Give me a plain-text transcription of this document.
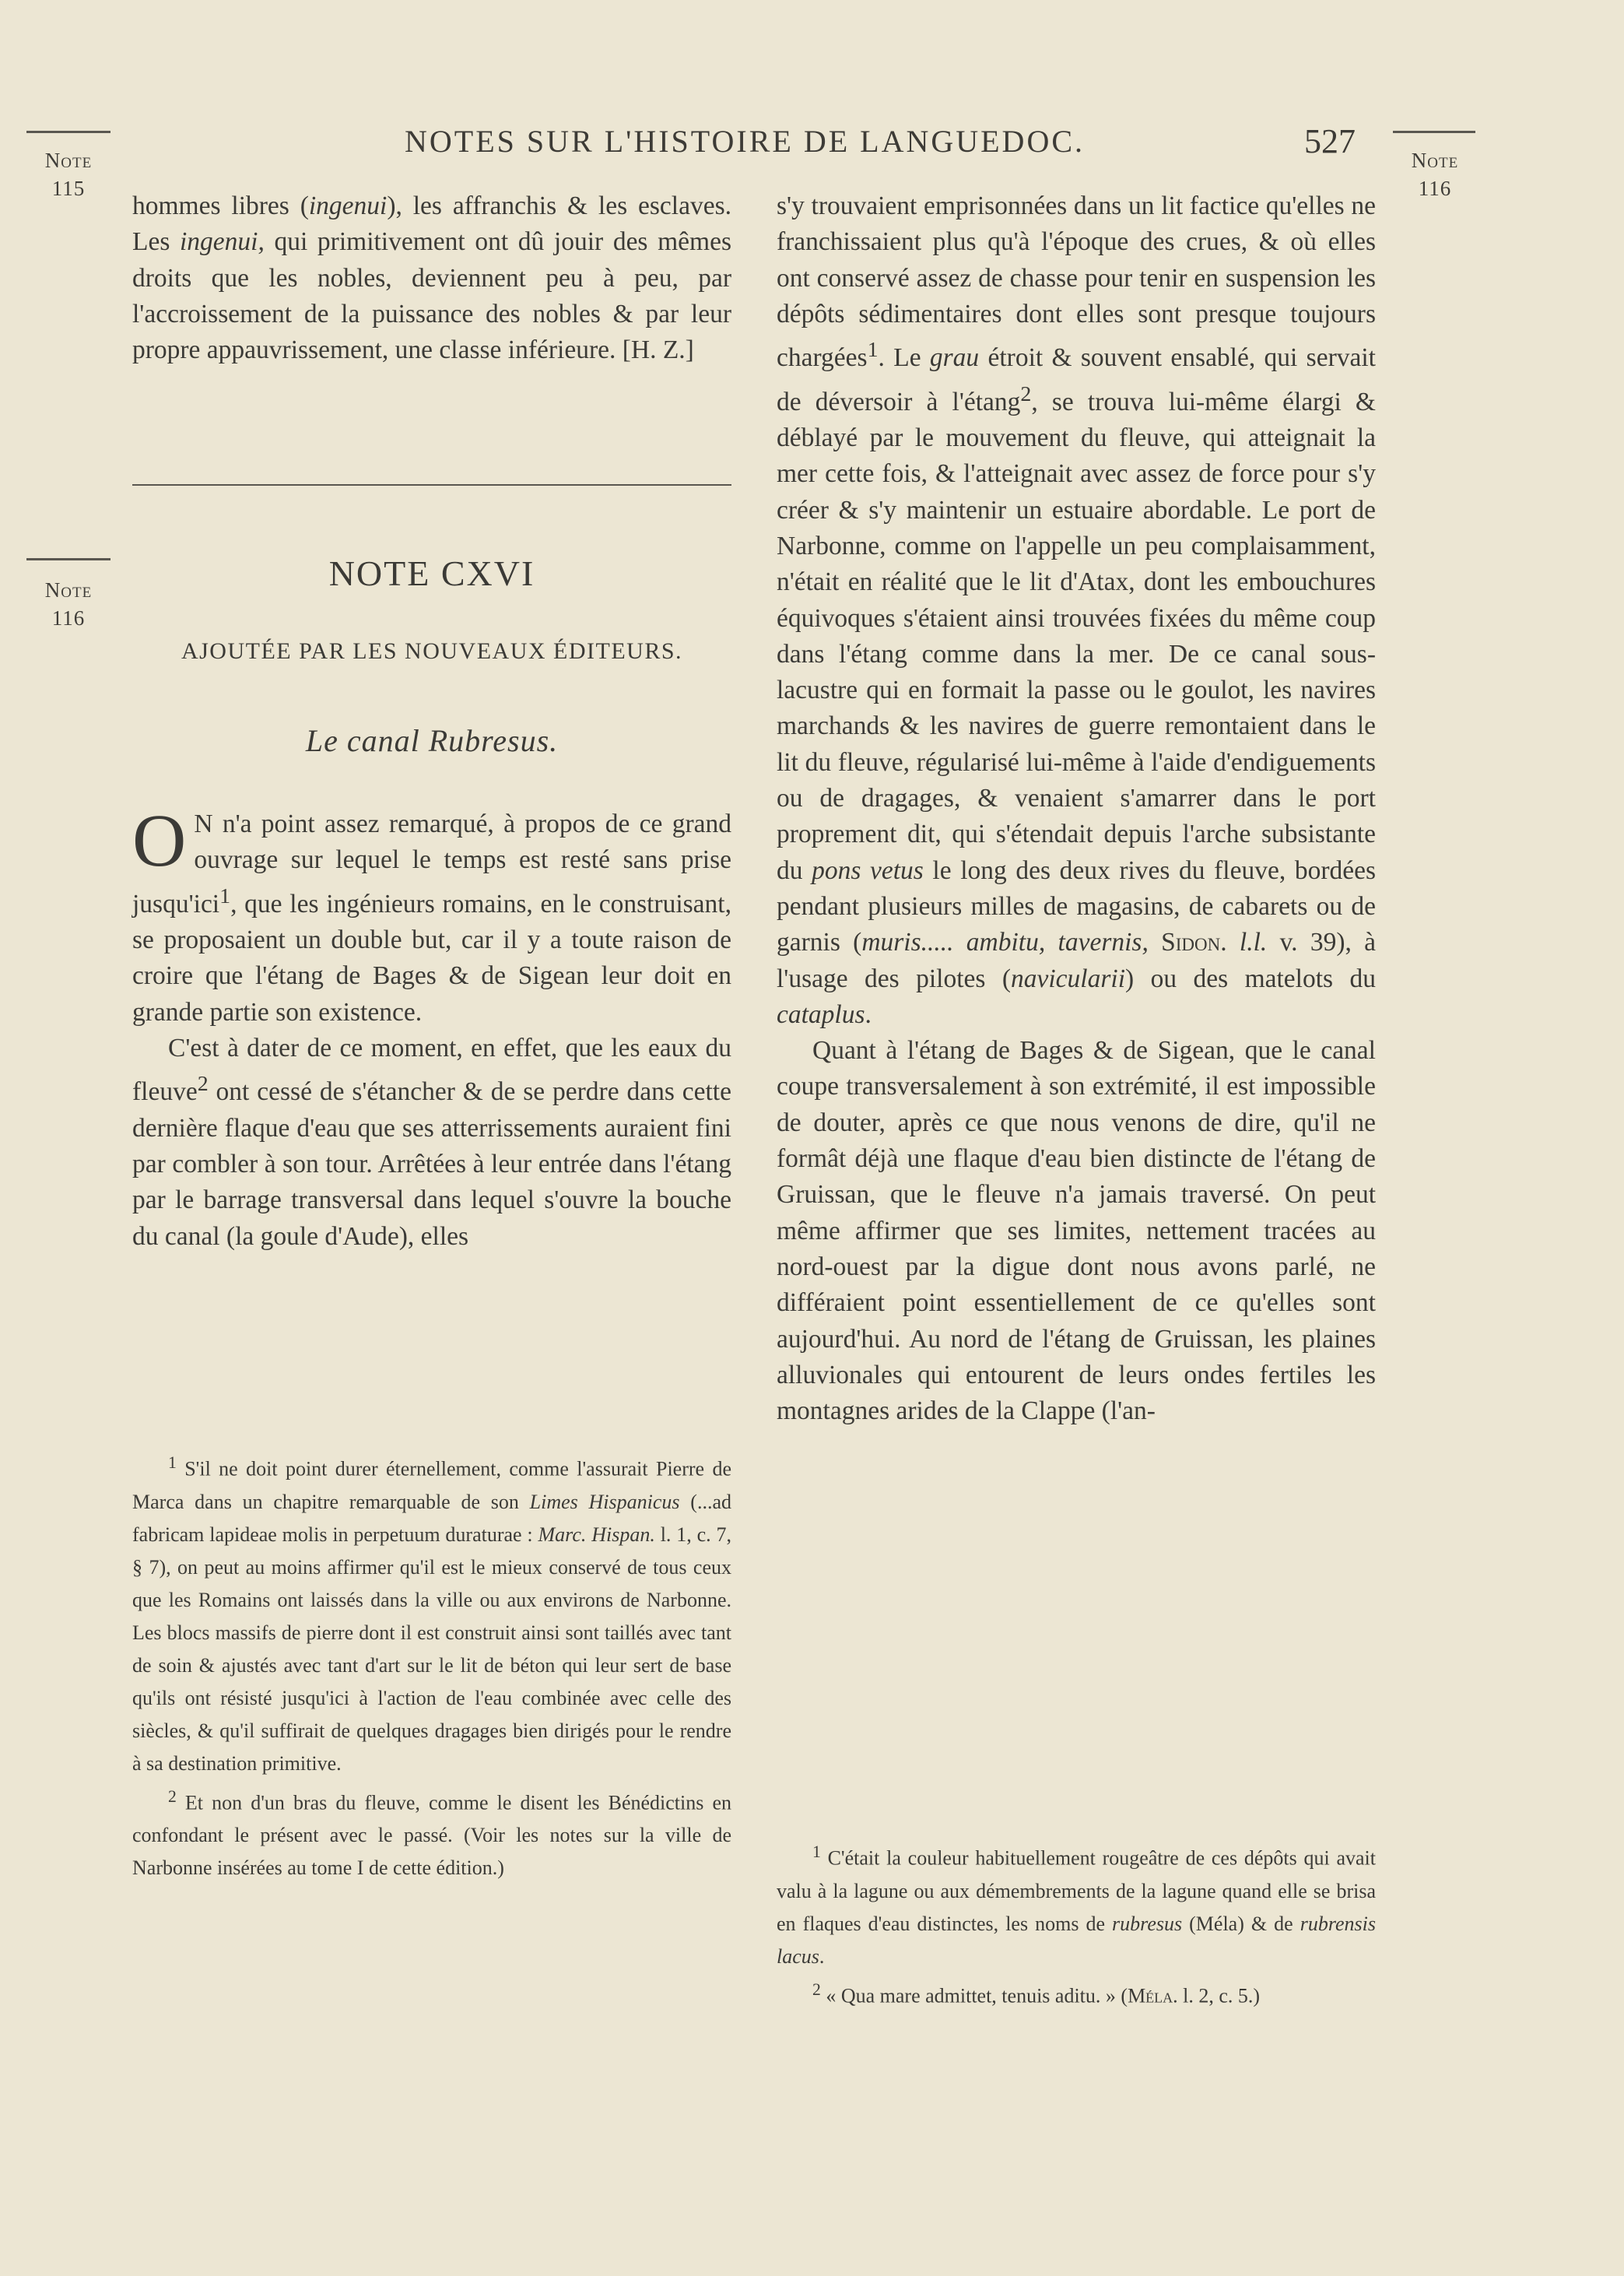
Note
115
NOTES SUR L'HISTOIRE DE LANGUEDOC.	527	Note
116

hommes libres (ingenui), les affranchis & les esclaves. Les ingenui, qui primitivement ont dû jouir des mêmes droits que les nobles, deviennent peu à peu, par l'accroissement de la puissance des nobles & par leur propre appauvrissement, une classe inférieure. [H. Z.]

Note
116
NOTE CXVI
AJOUTÉE PAR LES NOUVEAUX ÉDITEURS.
Le canal Rubresus.

O N n'a point assez remarqué, à propos de ce grand ouvrage sur lequel le temps est resté sans prise jusqu'ici$^1$, que les ingénieurs romains, en le construisant, se proposaient un double but, car il y a toute raison de croire que l'étang de Bages & de Sigean leur doit en grande partie son existence.

C'est à dater de ce moment, en effet, que les eaux du fleuve$^2$ ont cessé de s'étancher & de se perdre dans cette dernière flaque d'eau que ses atterrissements auraient fini par combler à son tour. Arrêtées à leur entrée dans l'étang par le barrage transversal dans lequel s'ouvre la bouche du canal (la goule d'Aude), elles

$^1$ S'il ne doit point durer éternellement, comme l'assurait Pierre de Marca dans un chapitre remarquable de son Limes Hispanicus (...ad fabricam lapideae molis in perpetuum duraturae : Marc. Hispan. l. 1, c. 7, § 7), on peut au moins affirmer qu'il est le mieux conservé de tous ceux que les Romains ont laissés dans la ville ou aux environs de Narbonne. Les blocs massifs de pierre dont il est construit ainsi sont taillés avec tant de soin & ajustés avec tant d'art sur le lit de béton qui leur sert de base qu'ils ont résisté jusqu'ici à l'action de l'eau combinée avec celle des siècles, & qu'il suffirait de quelques dragages bien dirigés pour le rendre à sa destination primitive.

$^2$ Et non d'un bras du fleuve, comme le disent les Bénédictins en confondant le présent avec le passé. (Voir les notes sur la ville de Narbonne insérées au tome I de cette édition.)

s'y trouvaient emprisonnées dans un lit factice qu'elles ne franchissaient plus qu'à l'époque des crues, & où elles ont conservé assez de chasse pour tenir en suspension les dépôts sédimentaires dont elles sont presque toujours chargées$^1$. Le grau étroit & souvent ensablé, qui servait de déversoir à l'étang$^2$, se trouva lui-même élargi & déblayé par le mouvement du fleuve, qui atteignait la mer cette fois, & l'atteignait avec assez de force pour s'y créer & s'y maintenir un estuaire abordable. Le port de Narbonne, comme on l'appelle un peu complaisamment, n'était en réalité que le lit d'Atax, dont les embouchures équivoques s'étaient ainsi trouvées fixées du même coup dans l'étang comme dans la mer. De ce canal sous-lacustre qui en formait la passe ou le goulot, les navires marchands & les navires de guerre remontaient dans le lit du fleuve, régularisé lui-même à l'aide d'endiguements ou de dragages, & venaient s'amarrer dans le port proprement dit, qui s'étendait depuis l'arche subsistante du pons vetus le long des deux rives du fleuve, bordées pendant plusieurs milles de magasins, de cabarets ou de garnis (muris..... ambitu, tavernis, Sidon. l.l. v. 39), à l'usage des pilotes (navicularii) ou des matelots du cataplus.

Quant à l'étang de Bages & de Sigean, que le canal coupe transversalement à son extrémité, il est impossible de douter, après ce que nous venons de dire, qu'il ne formât déjà une flaque d'eau bien distincte de l'étang de Gruissan, que le fleuve n'a jamais traversé. On peut même affirmer que ses limites, nettement tracées au nord-ouest par la digue dont nous avons parlé, ne différaient point essentiellement de ce qu'elles sont aujourd'hui. Au nord de l'étang de Gruissan, les plaines alluvionales qui entourent de leurs ondes fertiles les montagnes arides de la Clappe (l'an-

$^1$ C'était la couleur habituellement rougeâtre de ces dépôts qui avait valu à la lagune ou aux démembrements de la lagune quand elle se brisa en flaques d'eau distinctes, les noms de rubresus (Méla) & de rubrensis lacus.

$^2$ « Qua mare admittet, tenuis aditu. » (Méla. l. 2, c. 5.)
